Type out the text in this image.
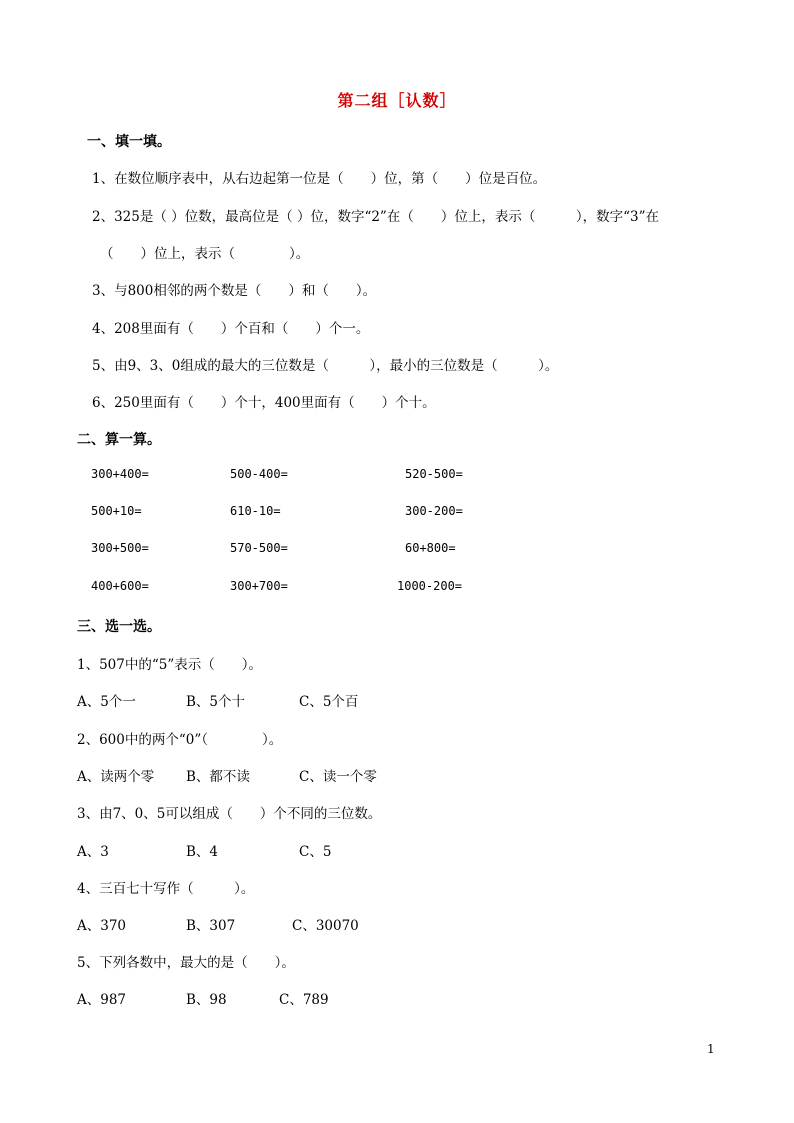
第二组［认数］
一、填一填。
1、在数位顺序表中，从右边起第一位是（　　）位，第（　　）位是百位。
2、325是（ ）位数，最高位是（ ）位，数字“2”在（　　）位上，表示（　　　），数字“3”在
（　　）位上，表示（　　　　）。
3、与800相邻的两个数是（　　）和（　　）。
4、208里面有（　　）个百和（　　）个一。
5、由9、3、0组成的最大的三位数是（　　　），最小的三位数是（　　　）。
6、250里面有（　　）个十，400里面有（　　）个十。
二、算一算。
300+400=	500-400=	520-500=
500+10=	610-10=	300-200=
300+500=	570-500=	60+800=
400+600=	300+700=	1000-200=
三、选一选。
1、507中的“5”表示（　　）。
A、5个一	B、5个十	C、5个百
2、600中的两个“0”（　　　　）。
A、读两个零 B、都不读	C、读一个零
3、由7、0、5可以组成（　　）个不同的三位数。
A、3	B、4	C、5
4、三百七十写作（　　　）。
A、370	B、307	C、30070
5、下列各数中，最大的是（　　）。
A、987	B、98	C、789
1
